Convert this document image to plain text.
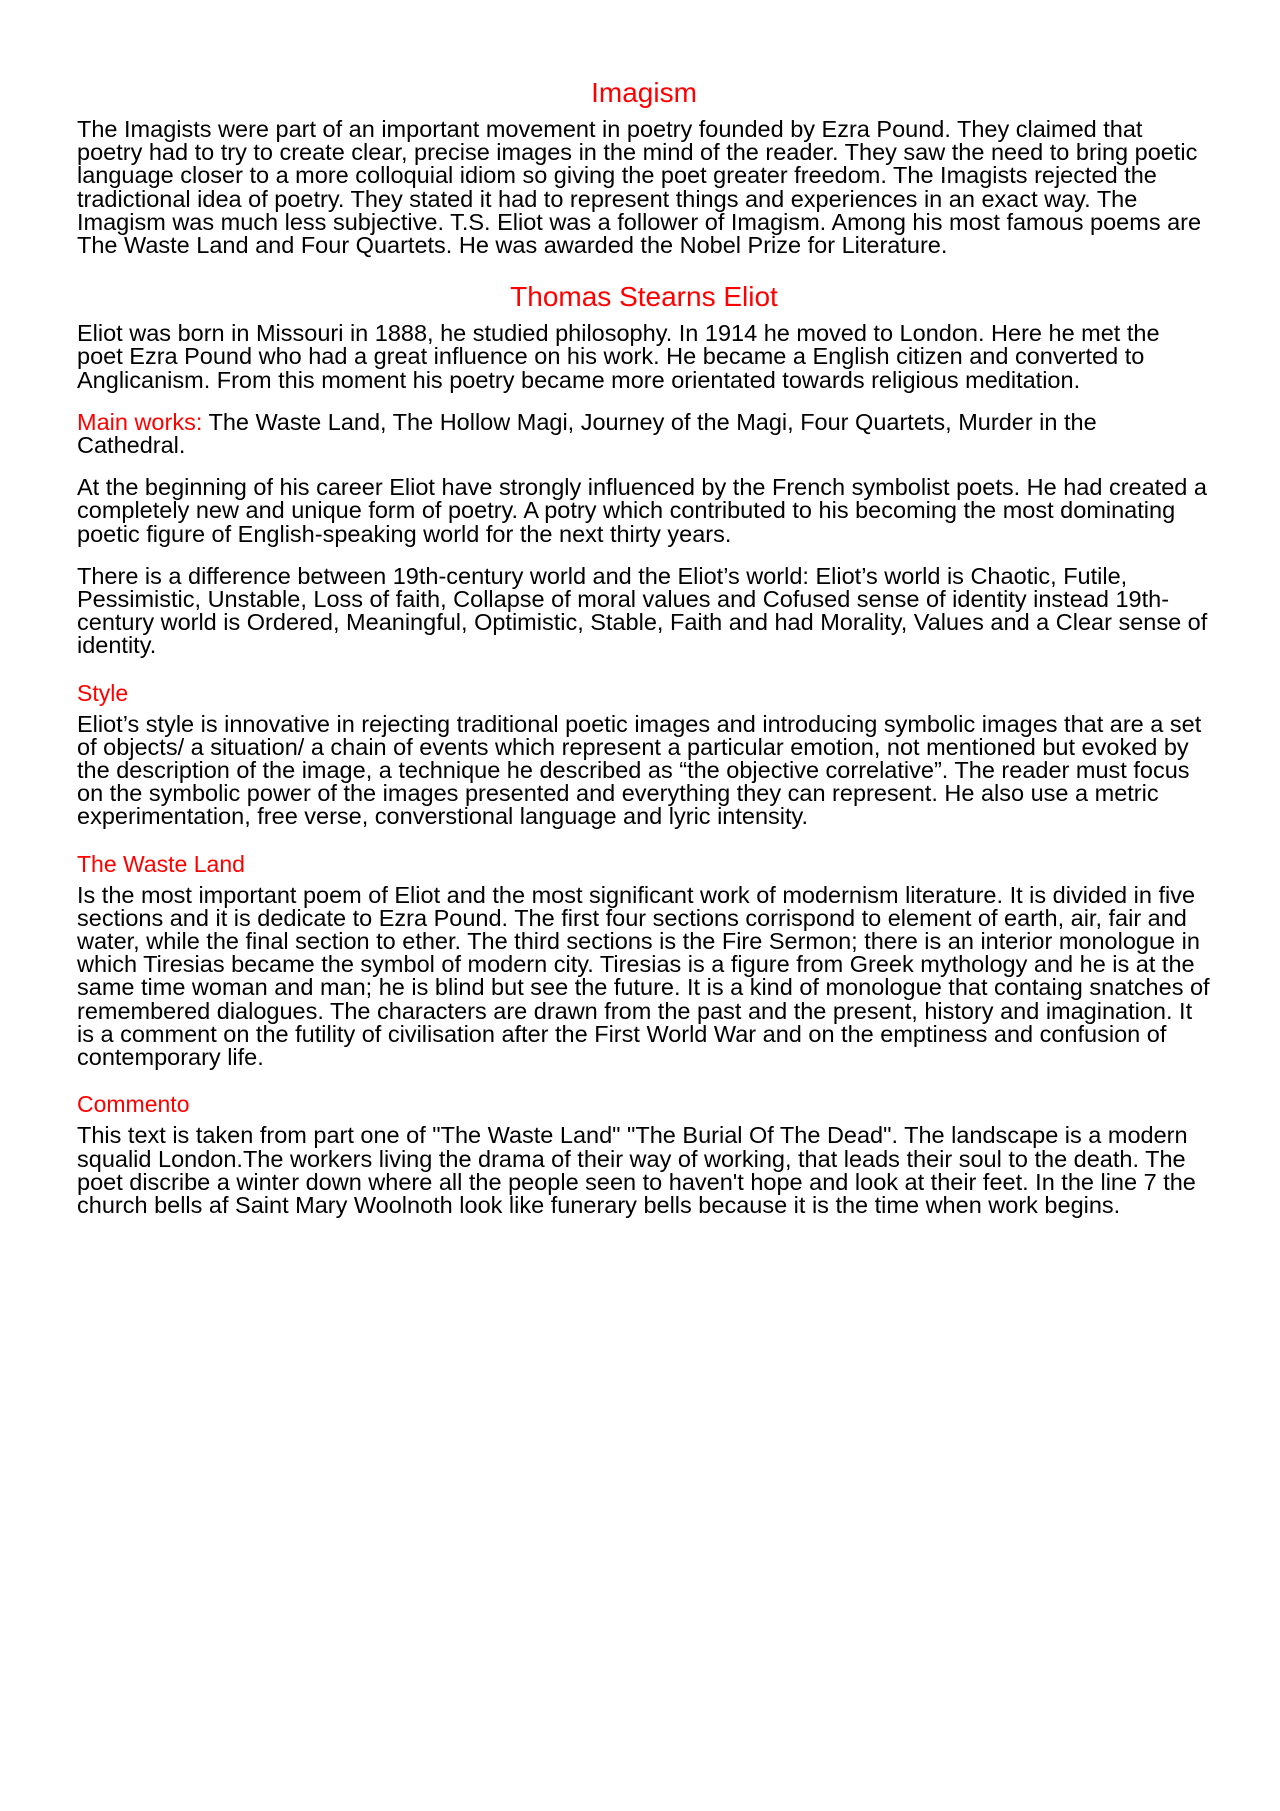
Imagism

The Imagists were part of an important movement in poetry founded by Ezra Pound. They claimed that poetry had to try to create clear, precise images in the mind of the reader. They saw the need to bring poetic language closer to a more colloquial idiom so giving the poet greater freedom. The Imagists rejected the tradictional idea of poetry. They stated it had to represent things and experiences in an exact way. The Imagism was much less subjective. T.S. Eliot was a follower of Imagism. Among his most famous poems are The Waste Land and Four Quartets. He was awarded the Nobel Prize for Literature.

Thomas Stearns Eliot

Eliot was born in Missouri in 1888, he studied philosophy. In 1914 he moved to London. Here he met the poet Ezra Pound who had a great influence on his work. He became a English citizen and converted to Anglicanism. From this moment his poetry became more orientated towards religious meditation.

Main works: The Waste Land, The Hollow Magi, Journey of the Magi, Four Quartets, Murder in the Cathedral.

At the beginning of his career Eliot have strongly influenced by the French symbolist poets. He had created a completely new and unique form of poetry. A potry which contributed to his becoming the most dominating poetic figure of English-speaking world for the next thirty years.

There is a difference between 19th-century world and the Eliot’s world: Eliot’s world is Chaotic, Futile, Pessimistic, Unstable, Loss of faith, Collapse of moral values and Cofused sense of identity instead 19th-century world is Ordered, Meaningful, Optimistic, Stable, Faith and had Morality, Values and a Clear sense of identity.

Style

Eliot’s style is innovative in rejecting traditional poetic images and introducing symbolic images that are a set of objects/ a situation/ a chain of events which represent a particular emotion, not mentioned but evoked by the description of the image, a technique he described as “the objective correlative”. The reader must focus on the symbolic power of the images presented and everything they can represent. He also use a metric experimentation, free verse, converstional language and lyric intensity.

The Waste Land

Is the most important poem of Eliot and the most significant work of modernism literature. It is divided in five sections and it is dedicate to Ezra Pound. The first four sections corrispond to element of earth, air, fair and water, while the final section to ether. The third sections is the Fire Sermon; there is an interior monologue in which Tiresias became the symbol of modern city. Tiresias is a figure from Greek mythology and he is at the same time woman and man; he is blind but see the future. It is a kind of monologue that containg snatches of remembered dialogues. The characters are drawn from the past and the present, history and imagination. It is a comment on the futility of civilisation after the First World War and on the emptiness and confusion of contemporary life.

Commento

This text is taken from part one of "The Waste Land" "The Burial Of The Dead". The landscape is a modern squalid London.The workers living the drama of their way of working, that leads their soul to the death. The poet discribe a winter down where all the people seen to haven't hope and look at their feet. In the line 7 the church bells af Saint Mary Woolnoth look like funerary bells because it is the time when work begins.
